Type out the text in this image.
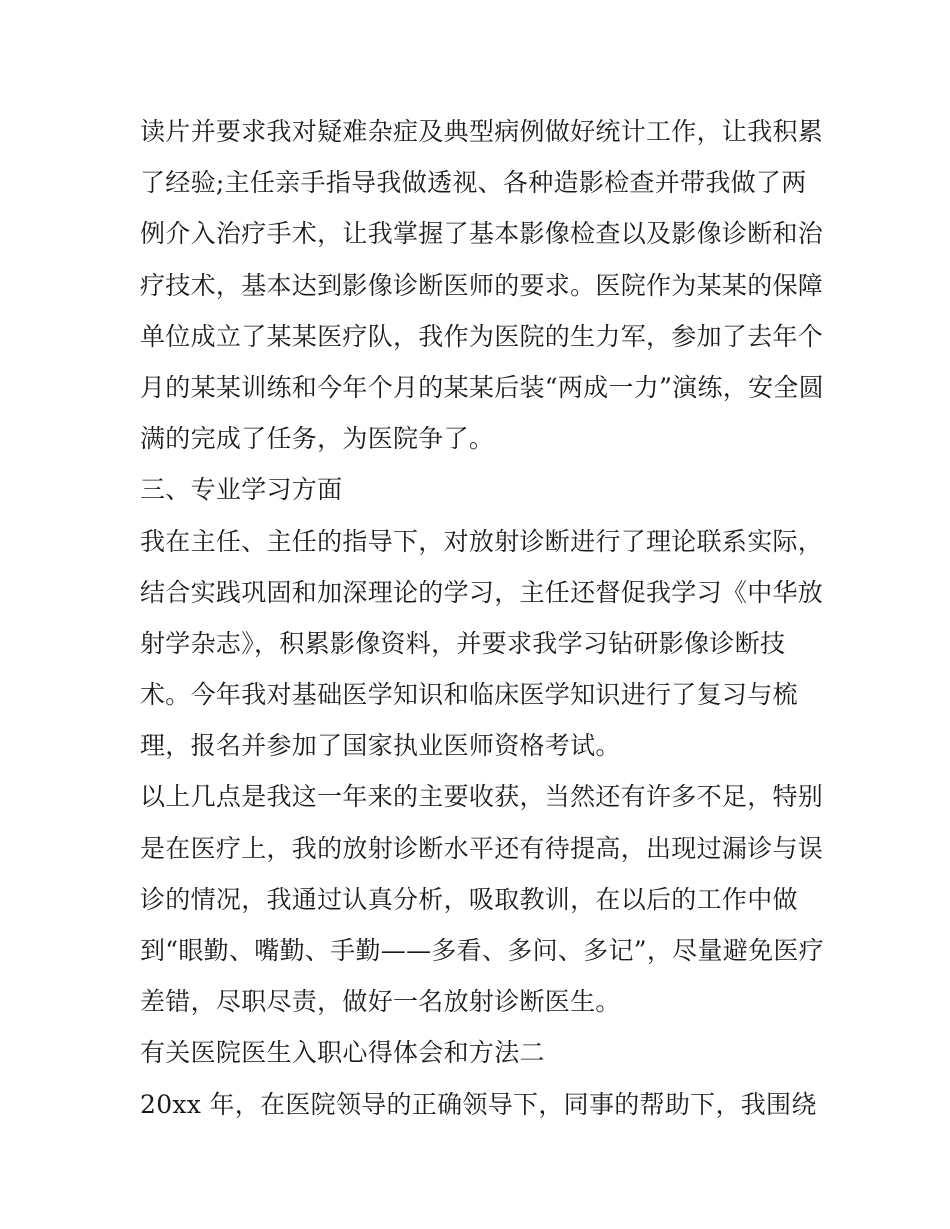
读片并要求我对疑难杂症及典型病例做好统计工作，让我积累
了经验;主任亲手指导我做透视、各种造影检查并带我做了两
例介入治疗手术，让我掌握了基本影像检查以及影像诊断和治
疗技术，基本达到影像诊断医师的要求。医院作为某某的保障
单位成立了某某医疗队，我作为医院的生力军，参加了去年个
月的某某训练和今年个月的某某后装“两成一力”演练，安全圆
满的完成了任务，为医院争了。
三、专业学习方面
我在主任、主任的指导下，对放射诊断进行了理论联系实际，
结合实践巩固和加深理论的学习，主任还督促我学习《中华放
射学杂志》，积累影像资料，并要求我学习钻研影像诊断技
术。今年我对基础医学知识和临床医学知识进行了复习与梳
理，报名并参加了国家执业医师资格考试。
以上几点是我这一年来的主要收获，当然还有许多不足，特别
是在医疗上，我的放射诊断水平还有待提高，出现过漏诊与误
诊的情况，我通过认真分析，吸取教训，在以后的工作中做
到“眼勤、嘴勤、手勤——多看、多问、多记”，尽量避免医疗
差错，尽职尽责，做好一名放射诊断医生。
有关医院医生入职心得体会和方法二
20xx 年，在医院领导的正确领导下，同事的帮助下，我围绕
